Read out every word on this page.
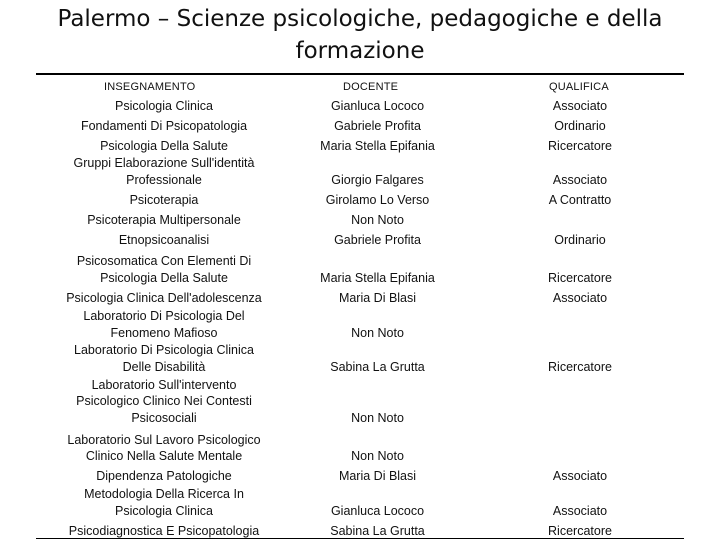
Palermo – Scienze psicologiche, pedagogiche e della
formazione
INSEGNAMENTO	DOCENTE	QUALIFICA
Psicologia Clinica
Fondamenti Di Psicopatologia
Psicologia Della Salute
Gruppi Elaborazione Sull'identità
Professionale
Psicoterapia
Psicoterapia Multipersonale
Etnopsicoanalisi
Psicosomatica Con Elementi Di
Psicologia Della Salute
Psicologia Clinica Dell'adolescenza
Laboratorio Di Psicologia Del
Fenomeno Mafioso
Laboratorio Di Psicologia Clinica
Delle Disabilità
Laboratorio Sull'intervento
Psicologico Clinico Nei Contesti
Psicosociali
Laboratorio Sul Lavoro Psicologico
Clinico Nella Salute Mentale
Dipendenza Patologiche
Metodologia Della Ricerca In
Psicologia Clinica
Psicodiagnostica E Psicopatologia
Gianluca Lococo
Gabriele Profita
Maria Stella Epifania
Giorgio Falgares
Girolamo Lo Verso
Non Noto
Gabriele Profita
Maria Stella Epifania
Maria Di Blasi
Non Noto
Sabina La Grutta
Non Noto
Non Noto
Maria Di Blasi
Gianluca Lococo
Sabina La Grutta
Associato
Ordinario
Ricercatore
Associato
A Contratto
Ordinario
Ricercatore
Associato
Ricercatore
Associato
Associato
Ricercatore
